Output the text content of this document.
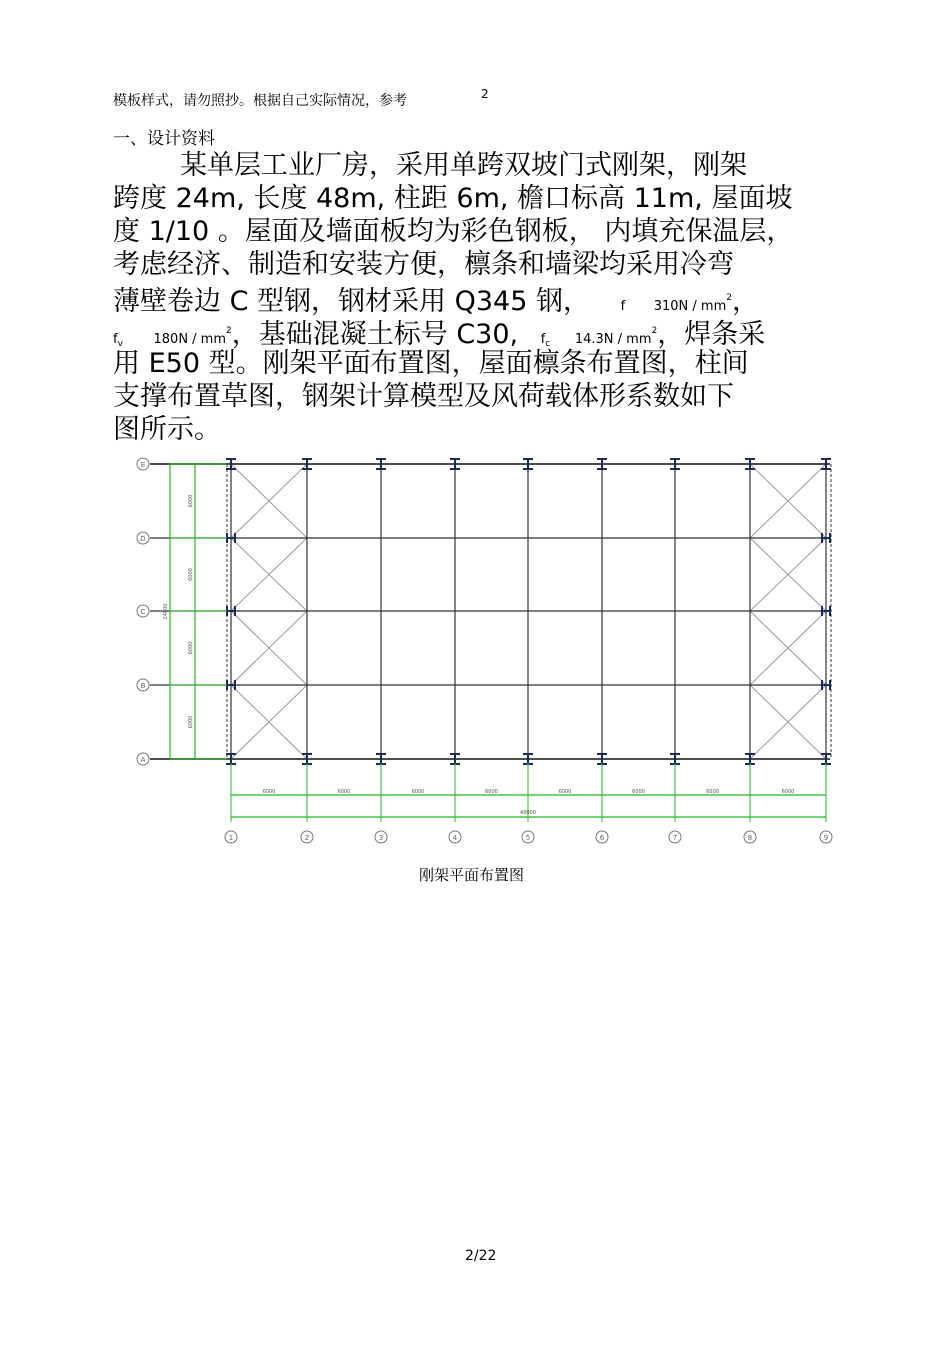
模板样式，请勿照抄。根据自己实际情况，参考	2
一、设计资料
某单层工业厂房，采用单跨双坡门式刚架，刚架
跨度 24m, 长度 48m, 柱距 6m, 檐口标高 11m, 屋面坡
度 1/10 。屋面及墙面板均为彩色钢板， 内填充保温层，
考虑经济、制造和安装方便，檩条和墙梁均采用冷弯
薄壁卷边 C 型钢，钢材采用 Q345 钢， f $310N / mm^2$，
$f_v$ $180N / mm^2$，基础混凝土标号 C30, $f_c$ $14.3N / mm^2$，焊条采
用 E50 型。刚架平面布置图，屋面檩条布置图，柱间
支撑布置草图，钢架计算模型及风荷载体形系数如下
图所示。
6000
6000
6000
6000
24000
E
D
C
B
A
6000	6000	6000	6000	6000	6000	6000	6000
48000
1	2	3	4	5	6	7	8	9
刚架平面布置图
2/22
